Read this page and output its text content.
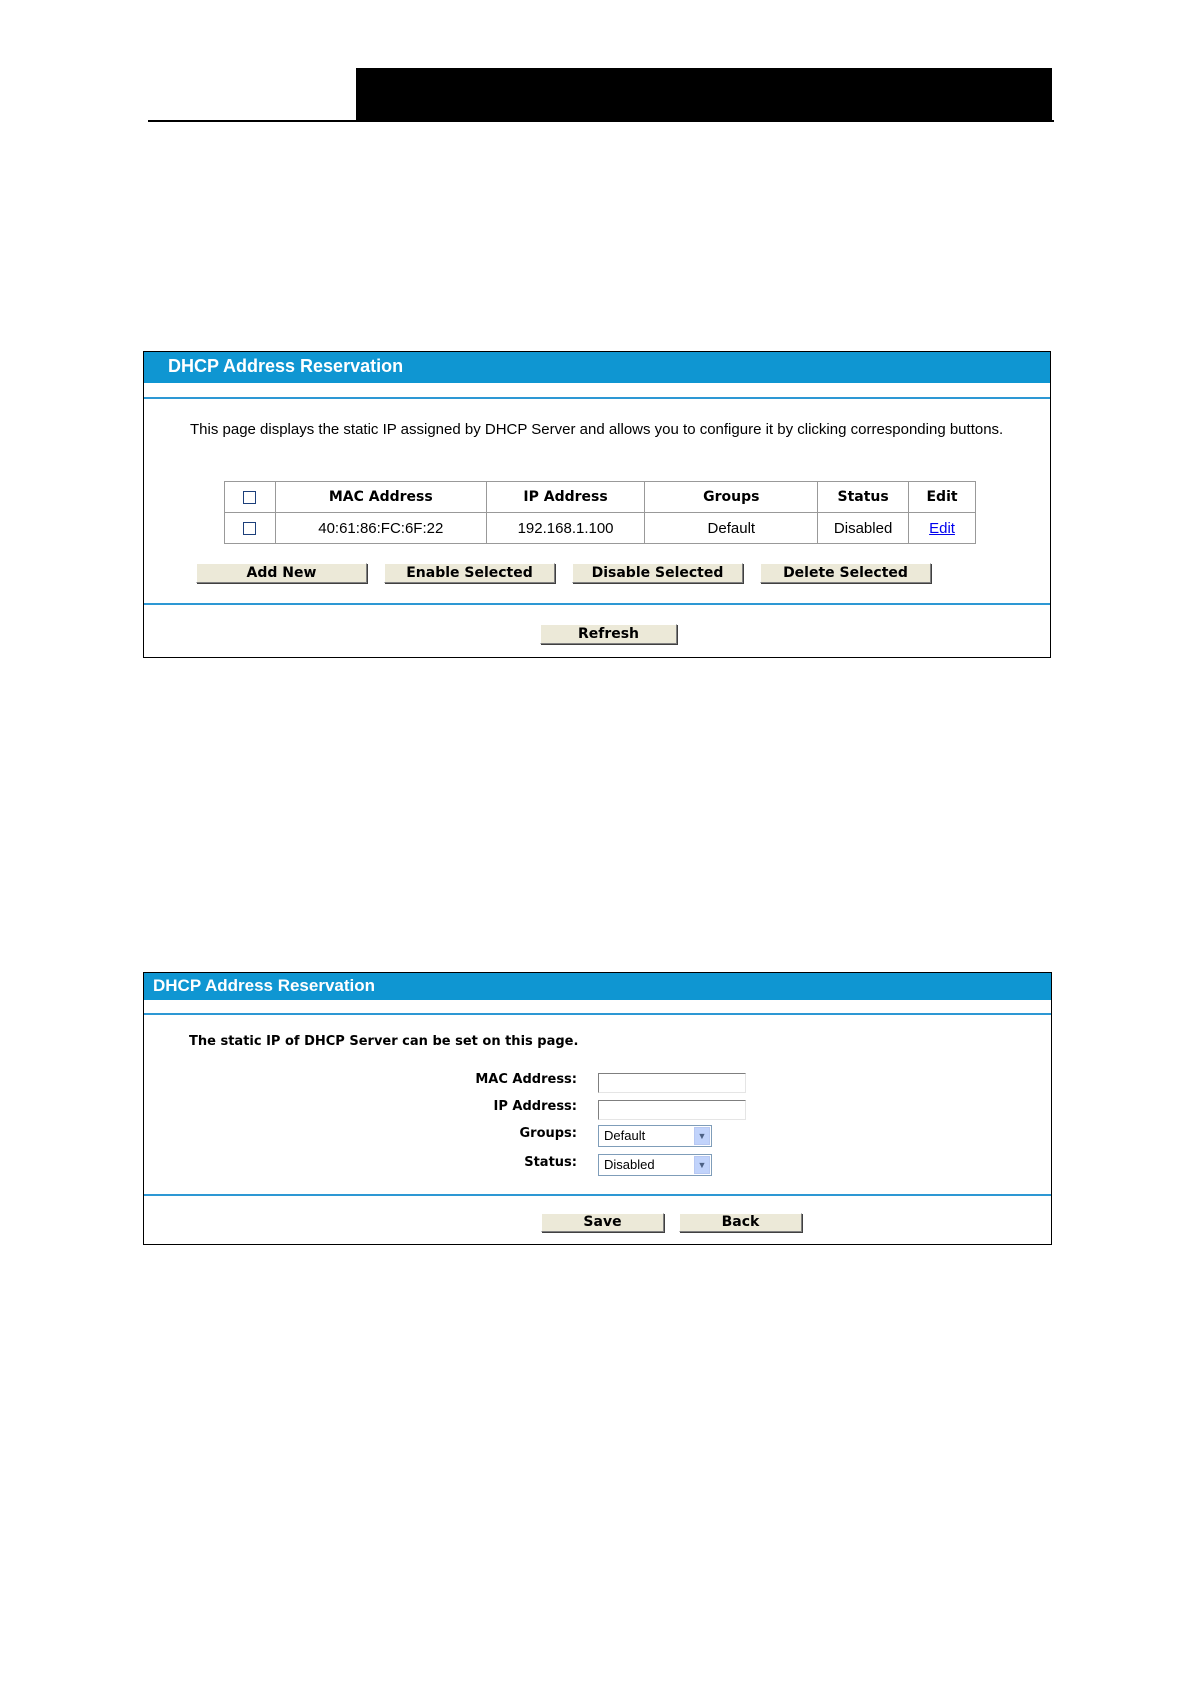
DHCP Address Reservation
This page displays the static IP assigned by DHCP Server and allows you to configure it by clicking corresponding buttons.
	MAC Address	IP Address	Groups	Status	Edit
	40:61:86:FC:6F:22	192.168.1.100	Default	Disabled	Edit
Add New	Enable Selected	Disable Selected	Delete Selected
Refresh
DHCP Address Reservation
The static IP of DHCP Server can be set on this page.
MAC Address:
IP Address:
Groups:	Default	▼
Status:	Disabled	▼
Save	Back
